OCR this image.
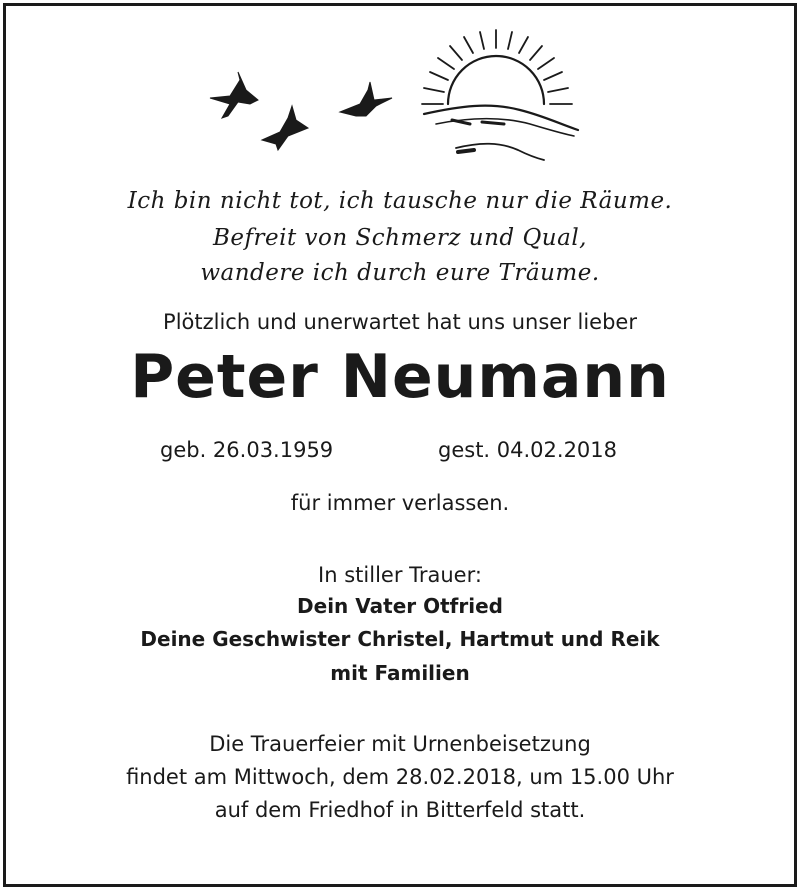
Ich bin nicht tot, ich tausche nur die Räume.
Befreit von Schmerz und Qual,
wandere ich durch eure Träume.
Plötzlich und unerwartet hat uns unser lieber
Peter Neumann
geb. 26.03.1959	gest. 04.02.2018
für immer verlassen.
In stiller Trauer:
Dein Vater Otfried
Deine Geschwister Christel, Hartmut und Reik
mit Familien
Die Trauerfeier mit Urnenbeisetzung
findet am Mittwoch, dem 28.02.2018, um 15.00 Uhr
auf dem Friedhof in Bitterfeld statt.
